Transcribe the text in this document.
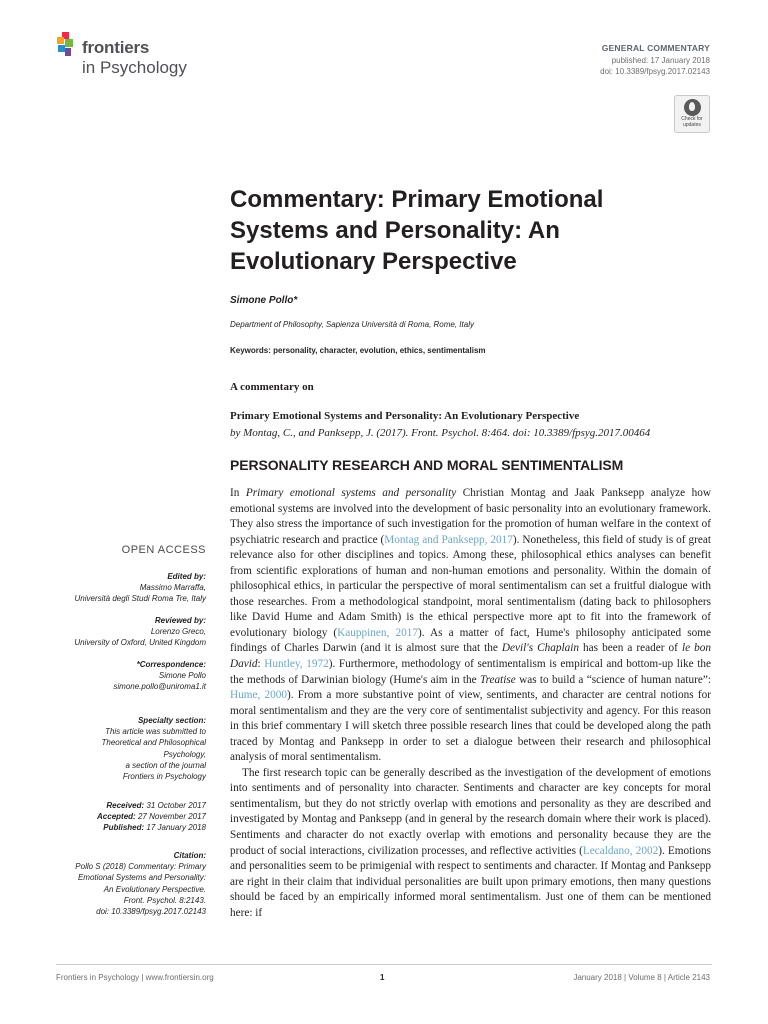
frontiers
in Psychology
GENERAL COMMENTARY
published: 17 January 2018
doi: 10.3389/fpsyg.2017.02143
Check for
updates
Commentary: Primary Emotional Systems and Personality: An Evolutionary Perspective
Simone Pollo*
Department of Philosophy, Sapienza Università di Roma, Rome, Italy
Keywords: personality, character, evolution, ethics, sentimentalism
A commentary on
Primary Emotional Systems and Personality: An Evolutionary Perspective
by Montag, C., and Panksepp, J. (2017). Front. Psychol. 8:464. doi: 10.3389/fpsyg.2017.00464
PERSONALITY RESEARCH AND MORAL SENTIMENTALISM

In Primary emotional systems and personality Christian Montag and Jaak Panksepp analyze how emotional systems are involved into the development of basic personality into an evolutionary framework. They also stress the importance of such investigation for the promotion of human welfare in the context of psychiatric research and practice (Montag and Panksepp, 2017). Nonetheless, this field of study is of great relevance also for other disciplines and topics. Among these, philosophical ethics analyses can benefit from scientific explorations of human and non-human emotions and personality. Within the domain of philosophical ethics, in particular the perspective of moral sentimentalism can set a fruitful dialogue with those researches. From a methodological standpoint, moral sentimentalism (dating back to philosophers like David Hume and Adam Smith) is the ethical perspective more apt to fit into the framework of evolutionary biology (Kauppinen, 2017). As a matter of fact, Hume's philosophy anticipated some findings of Charles Darwin (and it is almost sure that the Devil's Chaplain has been a reader of le bon David: Huntley, 1972). Furthermore, methodology of sentimentalism is empirical and bottom-up like the the methods of Darwinian biology (Hume's aim in the Treatise was to build a “science of human nature”: Hume, 2000). From a more substantive point of view, sentiments, and character are central notions for moral sentimentalism and they are the very core of sentimentalist subjectivity and agency. For this reason in this brief commentary I will sketch three possible research lines that could be developed along the path traced by Montag and Panksepp in order to set a dialogue between their research and philosophical analysis of moral sentimentalism.

The first research topic can be generally described as the investigation of the development of emotions into sentiments and of personality into character. Sentiments and character are key concepts for moral sentimentalism, but they do not strictly overlap with emotions and personality as they are described and investigated by Montag and Panksepp (and in general by the research domain where their work is placed). Sentiments and character do not exactly overlap with emotions and personality because they are the product of social interactions, civilization processes, and reflective activities (Lecaldano, 2002). Emotions and personalities seem to be primigenial with respect to sentiments and character. If Montag and Panksepp are right in their claim that individual personalities are built upon primary emotions, then many questions should be faced by an empirically informed moral sentimentalism. Just one of them can be mentioned here: if

OPEN ACCESS
Edited by:
Massimo Marraffa,
Università degli Studi Roma Tre, Italy
Reviewed by:
Lorenzo Greco,
University of Oxford, United Kingdom
*Correspondence:
Simone Pollo
simone.pollo@uniroma1.it
Specialty section:
This article was submitted to
Theoretical and Philosophical
Psychology,
a section of the journal
Frontiers in Psychology
Received: 31 October 2017
Accepted: 27 November 2017
Published: 17 January 2018
Citation:
Pollo S (2018) Commentary: Primary
Emotional Systems and Personality:
An Evolutionary Perspective.
Front. Psychol. 8:2143.
doi: 10.3389/fpsyg.2017.02143
Frontiers in Psychology | www.frontiersin.org	1	January 2018 | Volume 8 | Article 2143
